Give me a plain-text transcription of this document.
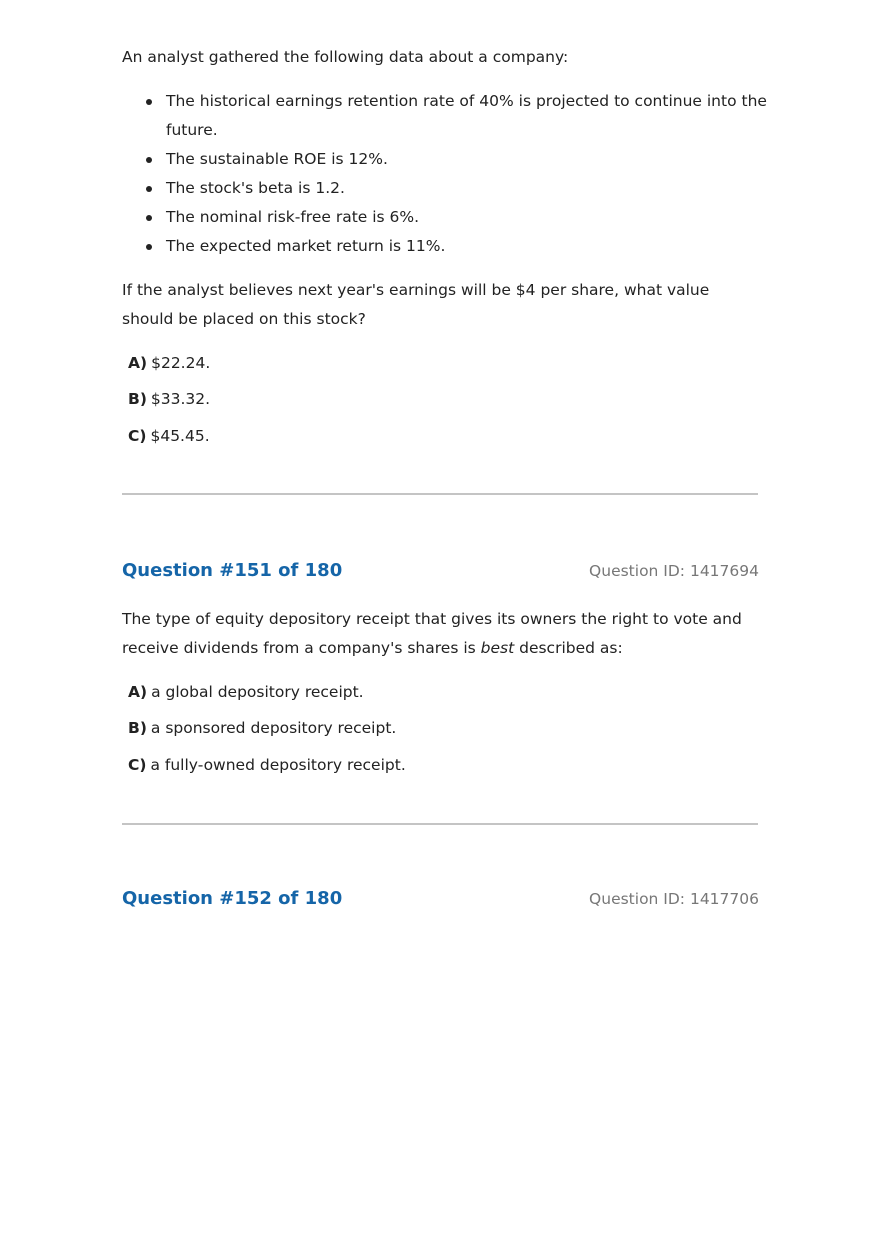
An analyst gathered the following data about a company:

The historical earnings retention rate of 40% is projected to continue into the future.
The sustainable ROE is 12%.
The stock's beta is 1.2.
The nominal risk-free rate is 6%.
The expected market return is 11%.

If the analyst believes next year's earnings will be $4 per share, what value should be placed on this stock?

A) $22.24.
B) $33.32.
C) $45.45.
Question #151 of 180	Question ID: 1417694

The type of equity depository receipt that gives its owners the right to vote and receive dividends from a company's shares is best described as:

A) a global depository receipt.
B) a sponsored depository receipt.
C) a fully-owned depository receipt.
Question #152 of 180	Question ID: 1417706
